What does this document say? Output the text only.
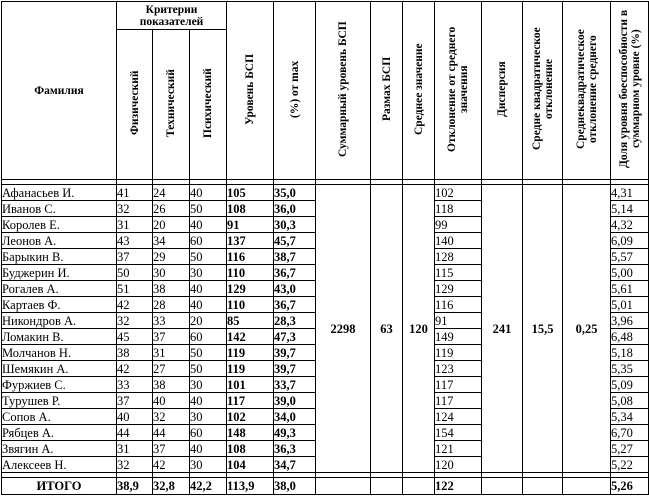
Фамилия	Критерии показателей			Уровень БСП	(%) от max	Суммарный уровень БСП	Размах БСП	Среднее значение	Отклонение от среднего значения	Дисперсия	Средне квадратическое отклонение	Среднеквадратическое отклонение среднего	Доля уровня боеспособности в суммарном уровне (%)
	Физический	Технический	Психический										

Афанасьев И.	41	24	40	105	35,0	2298	63	120	102	241	15,5	0,25	4,31
Иванов С.	32	26	50	108	36,0				118				5,14
Королев Е.	31	20	40	91	30,3				99				4,32
Леонов А.	43	34	60	137	45,7				140				6,09
Барыкин В.	37	29	50	116	38,7				128				5,57
Буджерин И.	50	30	30	110	36,7				115				5,00
Рогалев А.	51	38	40	129	43,0				129				5,61
Картаев Ф.	42	28	40	110	36,7				116				5,01
Никондров А.	32	33	20	85	28,3				91				3,96
Ломакин В.	45	37	60	142	47,3				149				6,48
Молчанов Н.	38	31	50	119	39,7				119				5,18
Шемякин А.	42	27	50	119	39,7				123				5,35
Фуржиев С.	33	38	30	101	33,7				117				5,09
Турушев Р.	37	40	40	117	39,0				117				5,08
Сопов А.	40	32	30	102	34,0				124				5,34
Рябцев А.	44	44	60	148	49,3				154				6,70
Звягин А.	31	37	40	108	36,3				121				5,27
Алексеев Н.	32	42	30	104	34,7				120				5,22

ИТОГО	38,9	32,8	42,2	113,9	38,0				122				5,26
